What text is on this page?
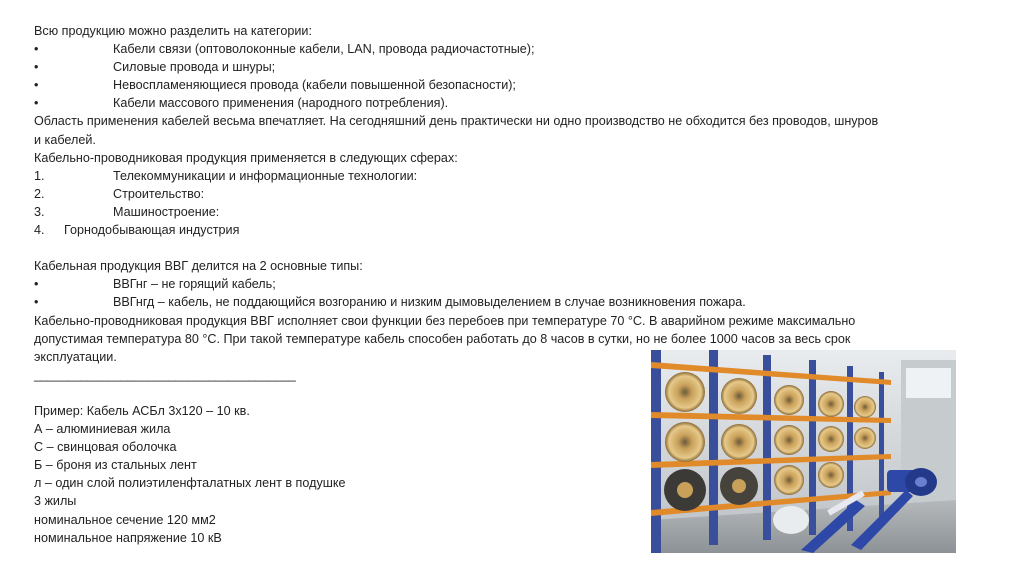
Всю продукцию можно разделить на категории:
•	Кабели связи (оптоволоконные кабели, LAN, провода радиочастотные);
•	Силовые провода и шнуры;
•	Невоспламеняющиеся провода (кабели повышенной безопасности);
•	Кабели массового применения (народного потребления).
Область применения кабелей весьма впечатляет. На сегодняшний день практически ни одно производство не обходится без проводов, шнуров и кабелей.
Кабельно-проводниковая продукция применяется в следующих сферах:
1.	Телекоммуникации и информационные технологии:
2.	Строительство:
3.	Машиностроение:
4.	Горнодобывающая индустрия
Кабельная продукция ВВГ делится на 2 основные типы:
•	ВВГнг – не горящий кабель;
•	ВВГнгд – кабель, не поддающийся возгоранию и низким дымовыделением в случае возникновения пожара.
Кабельно-проводниковая продукция ВВГ исполняет свои функции без перебоев при температуре 70 °С. В аварийном режиме максимально допустимая температура 80 °С. При такой температуре кабель способен работать до 8 часов в сутки, но не более 1000 часов за весь срок эксплуатации.
_______________________________________
Пример: Кабель АСБл 3х120 – 10 кв.
А – алюминиевая жила
С – свинцовая оболочка
Б – броня из стальных лент
л – один слой полиэтиленфталатных лент в подушке
3 жилы
номинальное сечение 120 мм2
номинальное напряжение 10 кВ
